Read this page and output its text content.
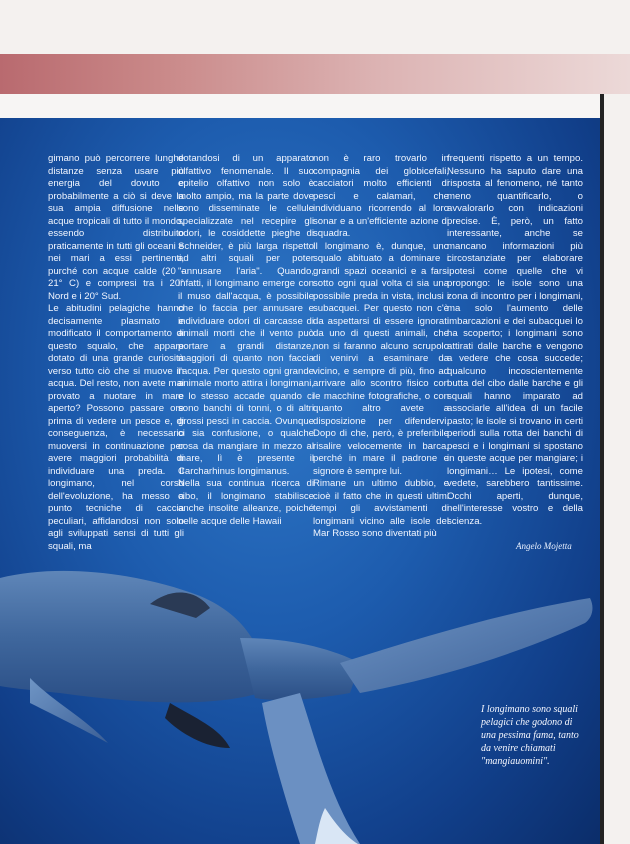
gimano può percorrere lunghe distanze senza usare più energia del dovuto e probabilmente a ciò si deve la sua ampia diffusione nelle acque tropicali di tutto il mondo, essendo distribuito praticamente in tutti gli oceani e nei mari a essi pertinenti, purché con acque calde (20 - 21° C) e compresi tra i 20° Nord e i 20° Sud.

Le abitudini pelagiche hanno decisamente plasmato e modificato il comportamento di questo squalo, che appare dotato di una grande curiosità verso tutto ciò che si muove in acqua. Del resto, non avete mai provato a nuotare in mare aperto? Possono passare ore prima di vedere un pesce e, di conseguenza, è necessario muoversi in continuazione per avere maggiori probabilità di individuare una preda. Il longimano, nel corso dell'evoluzione, ha messo a punto tecniche di caccia peculiari, affidandosi non solo agli sviluppati sensi di tutti gli squali, ma

dotandosi di un apparato olfattivo fenomenale. Il suo epitelio olfattivo non solo è molto ampio, ma la parte dove sono disseminate le cellule specializzate nel recepire gli odori, le cosiddette pieghe di Schneider, è più larga rispetto ad altri squali per poter "annusare l'aria". Quando, infatti, il longimano emerge con il muso dall'acqua, è possibile che lo faccia per annusare e individuare odori di carcasse di animali morti che il vento può portare a grandi distanze, maggiori di quanto non faccia l'acqua. Per questo ogni grande animale morto attira i longimani, e lo stesso accade quando ci sono banchi di tonni, o di altri grossi pesci in caccia. Ovunque ci sia confusione, o qualche cosa da mangiare in mezzo al mare, lì è presente il Carcharhinus longimanus.

Nella sua continua ricerca di cibo, il longimano stabilisce anche insolite alleanze, poiché nelle acque delle Hawaii

non è raro trovarlo in compagnia dei globicefali, cacciatori molto efficienti di pesci e calamari, che individuano ricorrendo al loro sonar e a un'efficiente azione di squadra.

Il longimano è, dunque, uno squalo abituato a dominare i grandi spazi oceanici e a farsi sotto ogni qual volta ci sia una possibile preda in vista, inclusi i subacquei. Per questo non c'è da aspettarsi di essere ignorati da uno di questi animali, che non si faranno alcuno scrupolo di venirvi a esaminare da vicino, e sempre di più, fino ad arrivare allo scontro fisico con le macchine fotografiche, o con quanto altro avete a disposizione per difendervi. Dopo di che, però, è preferibile risalire velocemente in barca, perché in mare il padrone e signore è sempre lui.

Rimane un ultimo dubbio, e cioè il fatto che in questi ultimi tempi gli avvistamenti di longimani vicino alle isole del Mar Rosso sono diventati più

frequenti rispetto a un tempo. Nessuno ha saputo dare una risposta al fenomeno, né tanto meno quantificarlo, o avvalorarlo con indicazioni precise. È, però, un fatto interessante, anche se mancano informazioni più circostanziate per elaborare ipotesi come quelle che vi propongo: le isole sono una zona di incontro per i longimani, ma solo l'aumento delle imbarcazioni e dei subacquei lo ha scoperto; i longimani sono attirati dalle barche e vengono a vedere che cosa succede; qualcuno incoscientemente butta del cibo dalle barche e gli squali hanno imparato ad associarle all'idea di un facile pasto; le isole si trovano in certi periodi sulla rotta dei banchi di pesci e i longimani si spostano in queste acque per mangiare; i longimani… Le ipotesi, come vedete, sarebbero tantissime. Occhi aperti, dunque, nell'interesse vostro e della scienza.

Angelo Mojetta
I longimano sono squali pelagici che godono di una pessima fama, tanto da venire chiamati "mangiauomini".
